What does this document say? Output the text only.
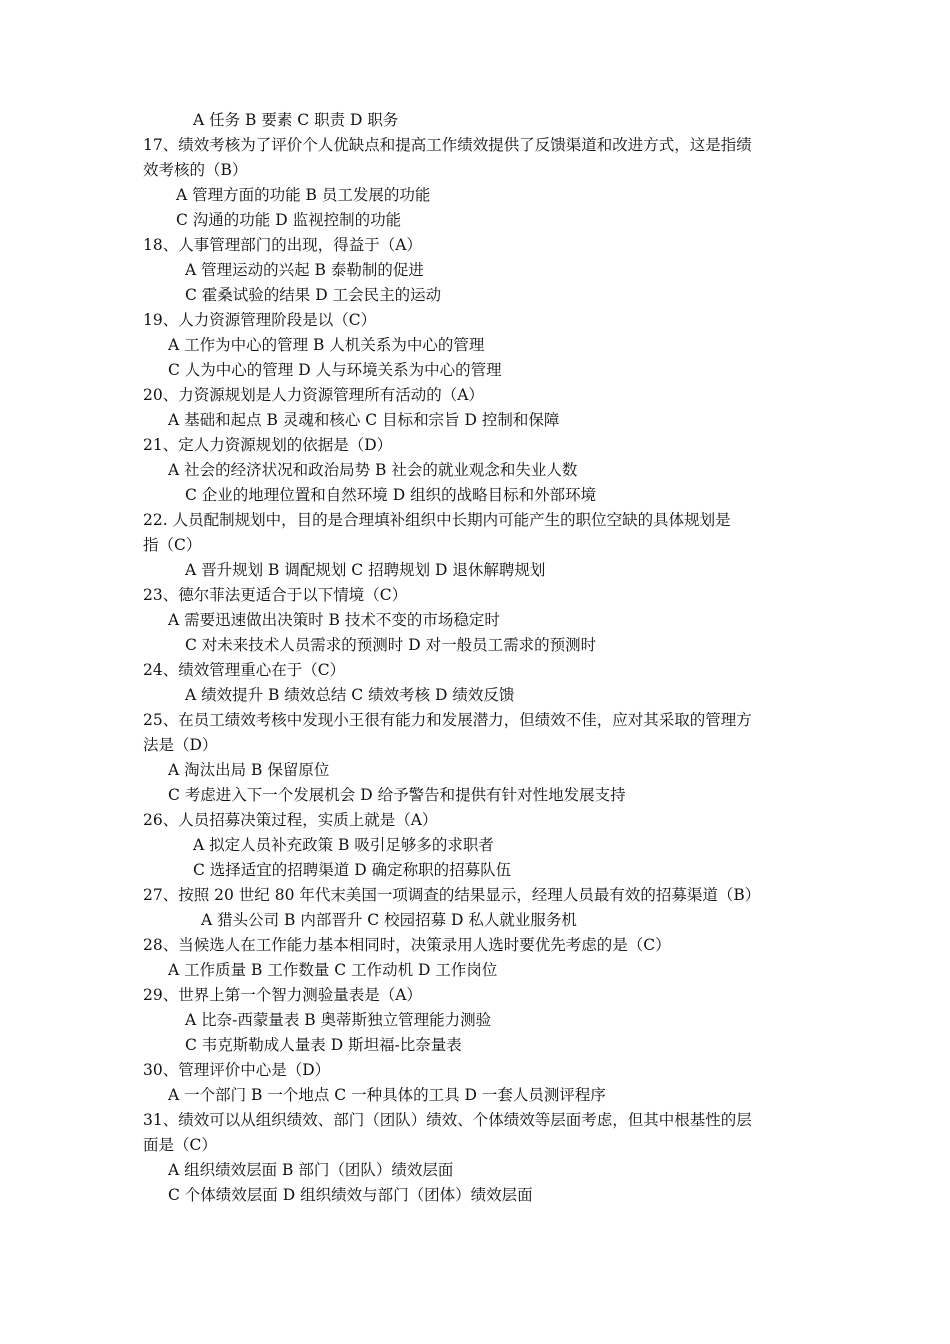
A 任务 B 要素 C 职责 D 职务
17、绩效考核为了评价个人优缺点和提高工作绩效提供了反馈渠道和改进方式，这是指绩
效考核的（B）
A 管理方面的功能 B 员工发展的功能
C 沟通的功能 D 监视控制的功能
18、人事管理部门的出现，得益于（A）
A 管理运动的兴起 B 泰勒制的促进
C 霍桑试验的结果 D 工会民主的运动
19、人力资源管理阶段是以（C）
A 工作为中心的管理 B 人机关系为中心的管理
C 人为中心的管理 D 人与环境关系为中心的管理
20、力资源规划是人力资源管理所有活动的（A）
A 基础和起点 B 灵魂和核心 C 目标和宗旨 D 控制和保障
21、定人力资源规划的依据是（D）
A 社会的经济状况和政治局势 B 社会的就业观念和失业人数
C 企业的地理位置和自然环境 D 组织的战略目标和外部环境
22. 人员配制规划中，目的是合理填补组织中长期内可能产生的职位空缺的具体规划是
指（C）
A 晋升规划 B 调配规划 C 招聘规划 D 退休解聘规划
23、德尔菲法更适合于以下情境（C）
A 需要迅速做出决策时 B 技术不变的市场稳定时
C 对未来技术人员需求的预测时 D 对一般员工需求的预测时
24、绩效管理重心在于（C）
A 绩效提升 B 绩效总结 C 绩效考核 D 绩效反馈
25、在员工绩效考核中发现小王很有能力和发展潜力，但绩效不佳，应对其采取的管理方
法是（D）
A 淘汰出局 B 保留原位
C 考虑进入下一个发展机会 D 给予警告和提供有针对性地发展支持
26、人员招募决策过程，实质上就是（A）
A 拟定人员补充政策 B 吸引足够多的求职者
C 选择适宜的招聘渠道 D 确定称职的招募队伍
27、按照 20 世纪 80 年代末美国一项调查的结果显示，经理人员最有效的招募渠道（B）
A 猎头公司 B 内部晋升 C 校园招募 D 私人就业服务机
28、当候选人在工作能力基本相同时，决策录用人选时要优先考虑的是（C）
A 工作质量 B 工作数量 C 工作动机 D 工作岗位
29、世界上第一个智力测验量表是（A）
A 比奈-西蒙量表 B 奥蒂斯独立管理能力测验
C 韦克斯勒成人量表 D 斯坦福-比奈量表
30、管理评价中心是（D）
A 一个部门 B 一个地点 C 一种具体的工具 D 一套人员测评程序
31、绩效可以从组织绩效、部门（团队）绩效、个体绩效等层面考虑，但其中根基性的层
面是（C）
A 组织绩效层面 B 部门（团队）绩效层面
C 个体绩效层面 D 组织绩效与部门（团体）绩效层面
